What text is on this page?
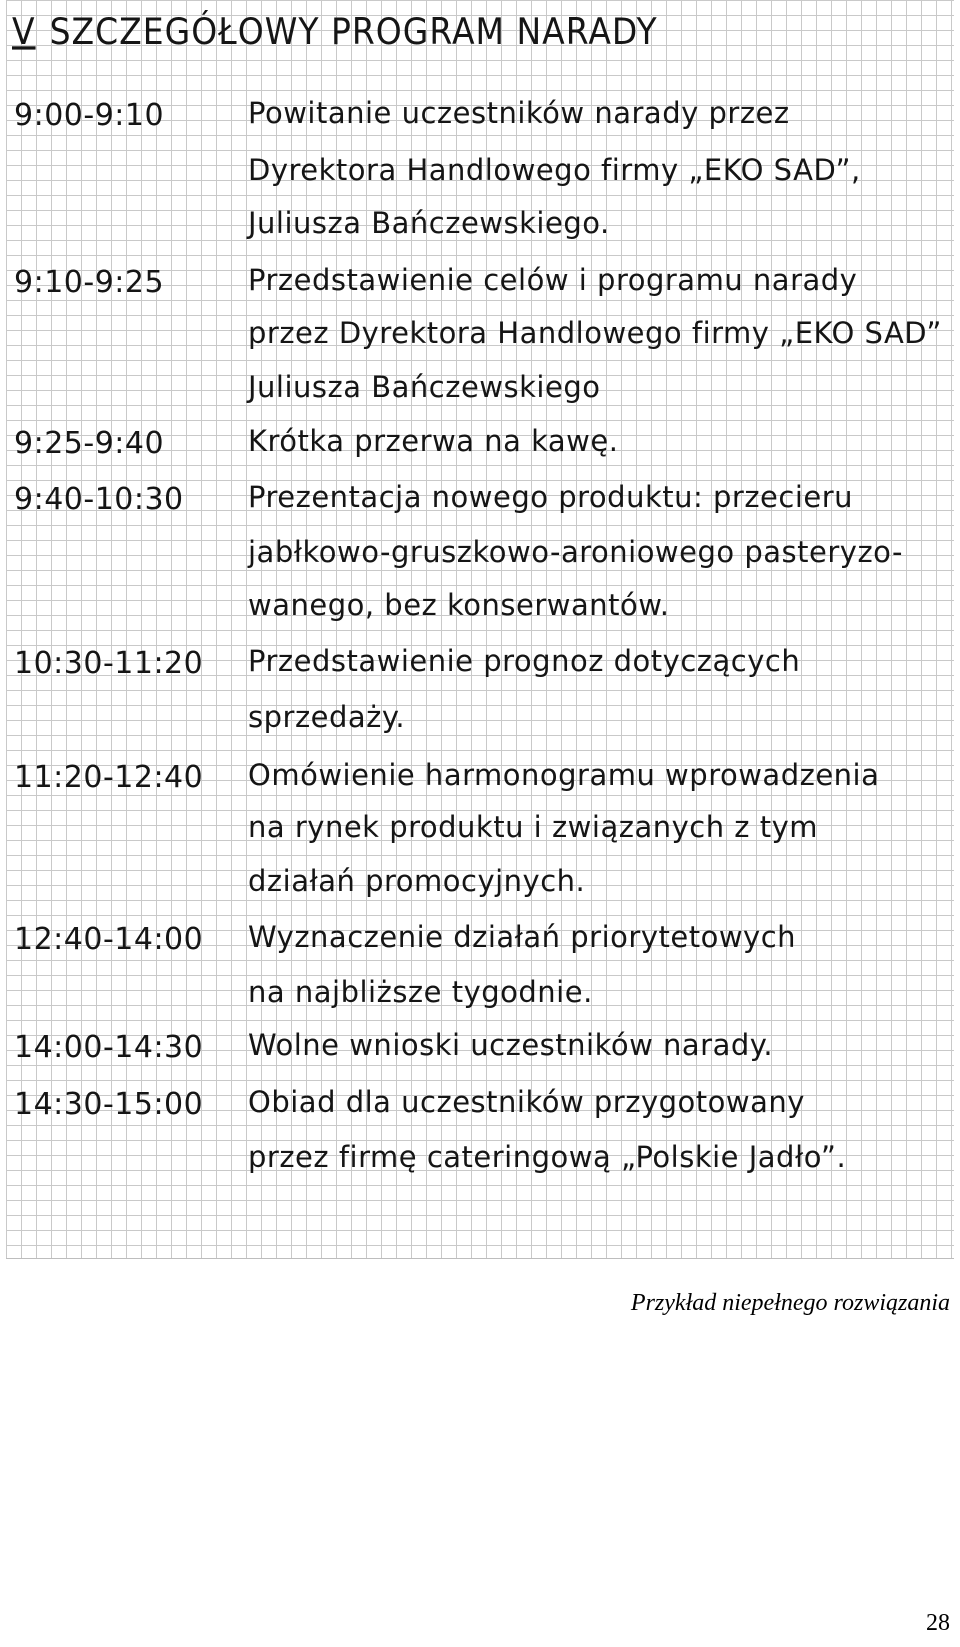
V SZCZEGÓŁOWY PROGRAM NARADY
9:00-9:10	Powitanie uczestników narady przez
Dyrektora Handlowego firmy „EKO SAD”,
Juliusza Bańczewskiego.
9:10-9:25	Przedstawienie celów i programu narady
przez Dyrektora Handlowego firmy „EKO SAD”
Juliusza Bańczewskiego
9:25-9:40	Krótka przerwa na kawę.
9:40-10:30 Prezentacja nowego produktu: przecieru
jabłkowo-gruszkowo-aroniowego pasteryzo-
wanego, bez konserwantów.
10:30-11:20 Przedstawienie prognoz dotyczących
sprzedaży.
11:20-12:40 Omówienie harmonogramu wprowadzenia
na rynek produktu i związanych z tym
działań promocyjnych.
12:40-14:00 Wyznaczenie działań priorytetowych
na najbliższe tygodnie.
14:00-14:30 Wolne wnioski uczestników narady.
14:30-15:00 Obiad dla uczestników przygotowany
przez firmę cateringową „Polskie Jadło”.
Przykład niepełnego rozwiązania
28
